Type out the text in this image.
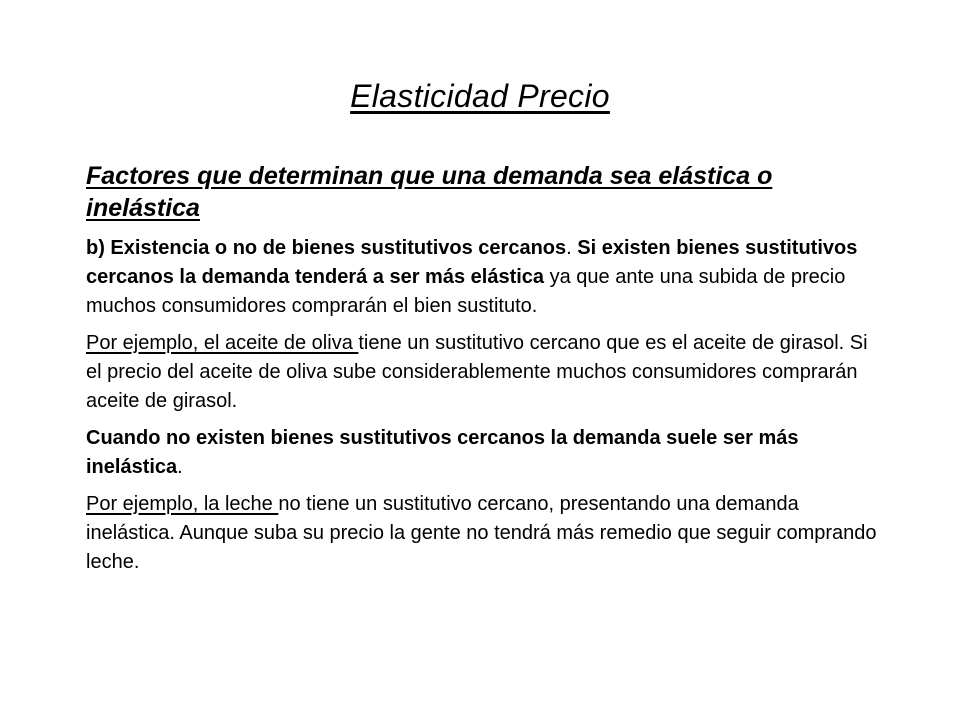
Elasticidad Precio
Factores que determinan que una demanda sea elástica o inelástica

b) Existencia o no de bienes sustitutivos cercanos. Si existen bienes sustitutivos cercanos la demanda tenderá a ser más elástica ya que ante una subida de precio muchos consumidores comprarán el bien sustituto.

Por ejemplo, el aceite de oliva tiene un sustitutivo cercano que es el aceite de girasol. Si el precio del aceite de oliva sube considerablemente muchos consumidores comprarán aceite de girasol.

Cuando no existen bienes sustitutivos cercanos la demanda suele ser más inelástica.

Por ejemplo, la leche no tiene un sustitutivo cercano, presentando una demanda inelástica. Aunque suba su precio la gente no tendrá más remedio que seguir comprando leche.
